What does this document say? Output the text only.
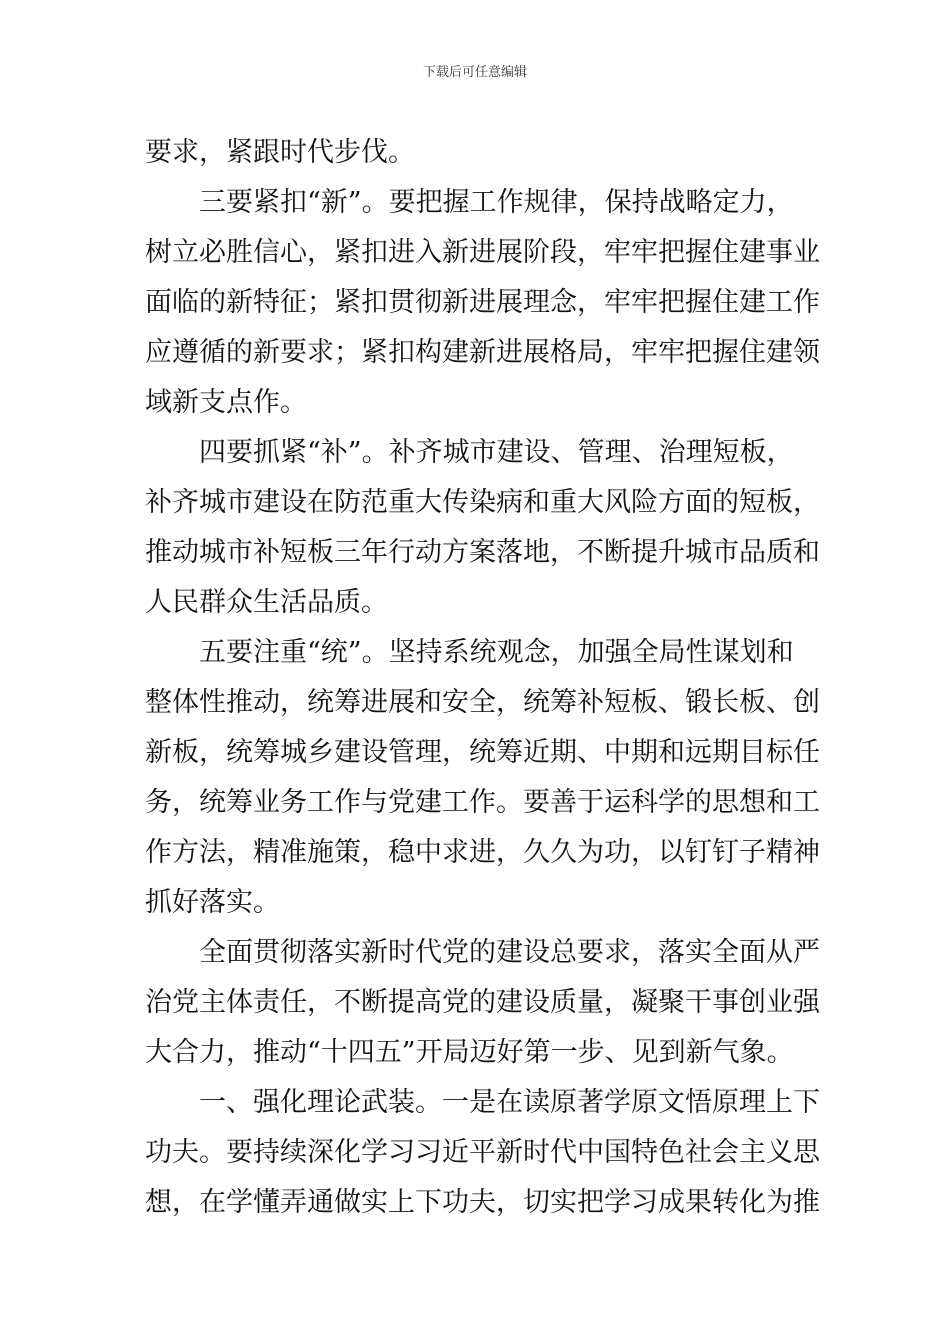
下载后可任意编辑
要求，紧跟时代步伐。
三要紧扣“新”。要把握工作规律，保持战略定力，
树立必胜信心，紧扣进入新进展阶段，牢牢把握住建事业
面临的新特征；紧扣贯彻新进展理念，牢牢把握住建工作
应遵循的新要求；紧扣构建新进展格局，牢牢把握住建领
域新支点作。
四要抓紧“补”。补齐城市建设、管理、治理短板，
补齐城市建设在防范重大传染病和重大风险方面的短板，
推动城市补短板三年行动方案落地，不断提升城市品质和
人民群众生活品质。
五要注重“统”。坚持系统观念，加强全局性谋划和
整体性推动，统筹进展和安全，统筹补短板、锻长板、创
新板，统筹城乡建设管理，统筹近期、中期和远期目标任
务，统筹业务工作与党建工作。要善于运科学的思想和工
作方法，精准施策，稳中求进，久久为功，以钉钉子精神
抓好落实。
全面贯彻落实新时代党的建设总要求，落实全面从严
治党主体责任，不断提高党的建设质量，凝聚干事创业强
大合力，推动“十四五”开局迈好第一步、见到新气象。
一、强化理论武装。一是在读原著学原文悟原理上下
功夫。要持续深化学习习近平新时代中国特色社会主义思
想，在学懂弄通做实上下功夫，切实把学习成果转化为推
